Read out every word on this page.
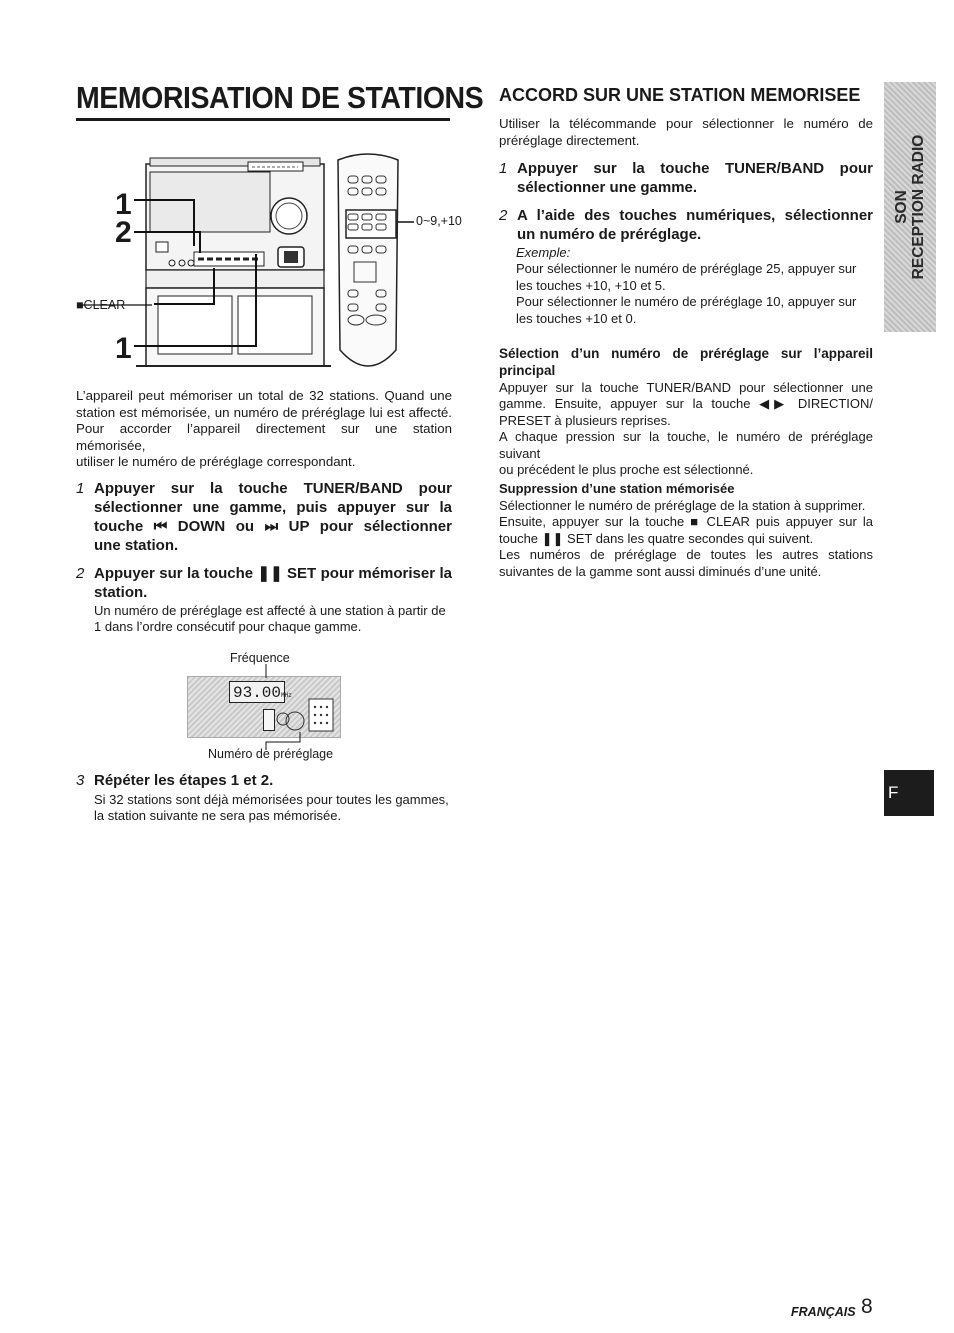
MEMORISATION DE STATIONS
1
2
1
■CLEAR
0~9,+10
L’appareil peut mémoriser un total de 32 stations. Quand une
station est mémorisée, un numéro de préréglage lui est affecté.
Pour accorder l’appareil directement sur une station mémorisée,
utiliser le numéro de préréglage correspondant.
1 Appuyer sur la touche TUNER/BAND pour
sélectionner une gamme, puis appuyer sur la
touche ⏮ DOWN ou ⏭ UP pour sélectionner
une station.
2 Appuyer sur la touche ❚❚ SET pour mémoriser la
station.
Un numéro de préréglage est affecté à une station à partir de
1 dans l’ordre consécutif pour chaque gamme.
Fréquence
93.00MHz
Numéro de préréglage
3 Répéter les étapes 1 et 2.
Si 32 stations sont déjà mémorisées pour toutes les gammes,
la station suivante ne sera pas mémorisée.
ACCORD SUR UNE STATION MEMORISEE
Utiliser la télécommande pour sélectionner le numéro de
préréglage directement.
1 Appuyer sur la touche TUNER/BAND pour
sélectionner une gamme.
2 A l’aide des touches numériques, sélectionner
un numéro de préréglage.
Exemple:
Pour sélectionner le numéro de préréglage 25, appuyer sur
les touches +10, +10 et 5.
Pour sélectionner le numéro de préréglage 10, appuyer sur
les touches +10 et 0.
Sélection d’un numéro de préréglage sur l’appareil
principal
Appuyer sur la touche TUNER/BAND pour sélectionner une
gamme. Ensuite, appuyer sur la touche ◀▶ DIRECTION/
PRESET à plusieurs reprises.
A chaque pression sur la touche, le numéro de préréglage suivant
ou précédent le plus proche est sélectionné.
Suppression d’une station mémorisée
Sélectionner le numéro de préréglage de la station à supprimer.
Ensuite, appuyer sur la touche ■ CLEAR puis appuyer sur la
touche ❚❚ SET dans les quatre secondes qui suivent.
Les numéros de préréglage de toutes les autres stations
suivantes de la gamme sont aussi diminués d’une unité.
SON RECEPTION RADIO
F
FRANÇAIS 8
